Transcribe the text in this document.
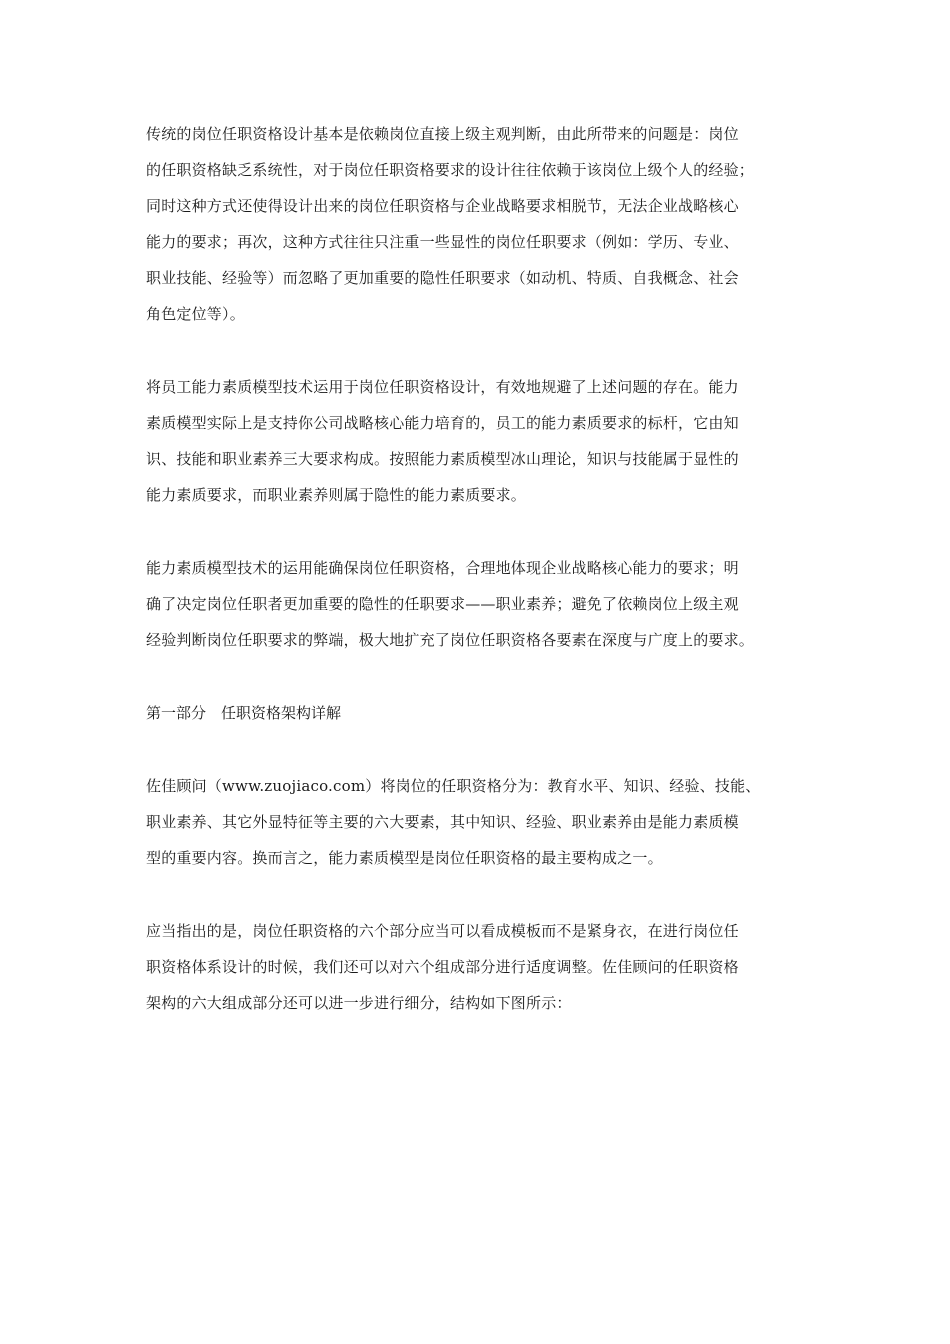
传统的岗位任职资格设计基本是依赖岗位直接上级主观判断，由此所带来的问题是：岗位
的任职资格缺乏系统性，对于岗位任职资格要求的设计往往依赖于该岗位上级个人的经验；
同时这种方式还使得设计出来的岗位任职资格与企业战略要求相脱节，无法企业战略核心
能力的要求；再次，这种方式往往只注重一些显性的岗位任职要求（例如：学历、专业、
职业技能、经验等）而忽略了更加重要的隐性任职要求（如动机、特质、自我概念、社会
角色定位等）。

将员工能力素质模型技术运用于岗位任职资格设计，有效地规避了上述问题的存在。能力
素质模型实际上是支持你公司战略核心能力培育的，员工的能力素质要求的标杆，它由知
识、技能和职业素养三大要求构成。按照能力素质模型冰山理论，知识与技能属于显性的
能力素质要求，而职业素养则属于隐性的能力素质要求。

能力素质模型技术的运用能确保岗位任职资格，合理地体现企业战略核心能力的要求；明
确了决定岗位任职者更加重要的隐性的任职要求——职业素养；避免了依赖岗位上级主观
经验判断岗位任职要求的弊端，极大地扩充了岗位任职资格各要素在深度与广度上的要求。

第一部分　任职资格架构详解

佐佳顾问（www.zuojiaco.com）将岗位的任职资格分为：教育水平、知识、经验、技能、
职业素养、其它外显特征等主要的六大要素，其中知识、经验、职业素养由是能力素质模
型的重要内容。换而言之，能力素质模型是岗位任职资格的最主要构成之一。

应当指出的是，岗位任职资格的六个部分应当可以看成模板而不是紧身衣，在进行岗位任
职资格体系设计的时候，我们还可以对六个组成部分进行适度调整。佐佳顾问的任职资格
架构的六大组成部分还可以进一步进行细分，结构如下图所示：
